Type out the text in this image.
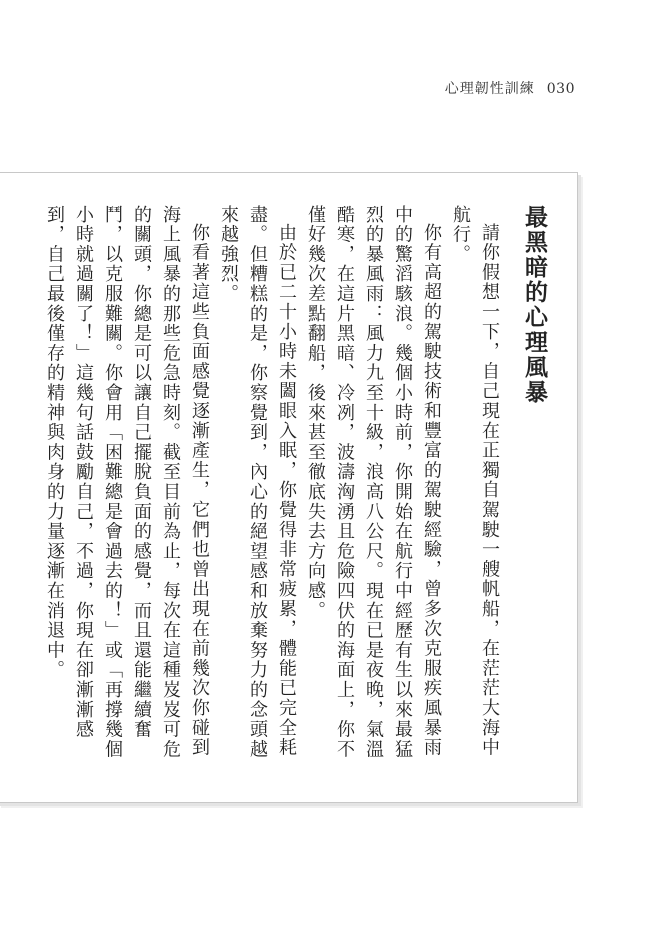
心理韌性訓練 030
最黑暗的心理風暴

請你假想一下，自己現在正獨自駕駛一艘帆船，在茫茫大海中航行。

你有高超的駕駛技術和豐富的駕駛經驗，曾多次克服疾風暴雨中的驚滔駭浪。幾個小時前，你開始在航行中經歷有生以來最猛烈的暴風雨：風力九至十級，浪高八公尺。現在已是夜晚，氣溫酷寒，在這片黑暗、冷冽，波濤洶湧且危險四伏的海面上，你不僅好幾次差點翻船，後來甚至徹底失去方向感。

由於已二十小時未闔眼入眠，你覺得非常疲累，體能已完全耗盡。但糟糕的是，你察覺到，內心的絕望感和放棄努力的念頭越來越強烈。

你看著這些負面感覺逐漸產生，它們也曾出現在前幾次你碰到海上風暴的那些危急時刻。截至目前為止，每次在這種岌岌可危的關頭，你總是可以讓自己擺脫負面的感覺，而且還能繼續奮鬥，以克服難關。你會用「困難總是會過去的！」或「再撐幾個小時就過關了！」這幾句話鼓勵自己，不過，你現在卻漸漸感到，自己最後僅存的精神與肉身的力量逐漸在消退中。
